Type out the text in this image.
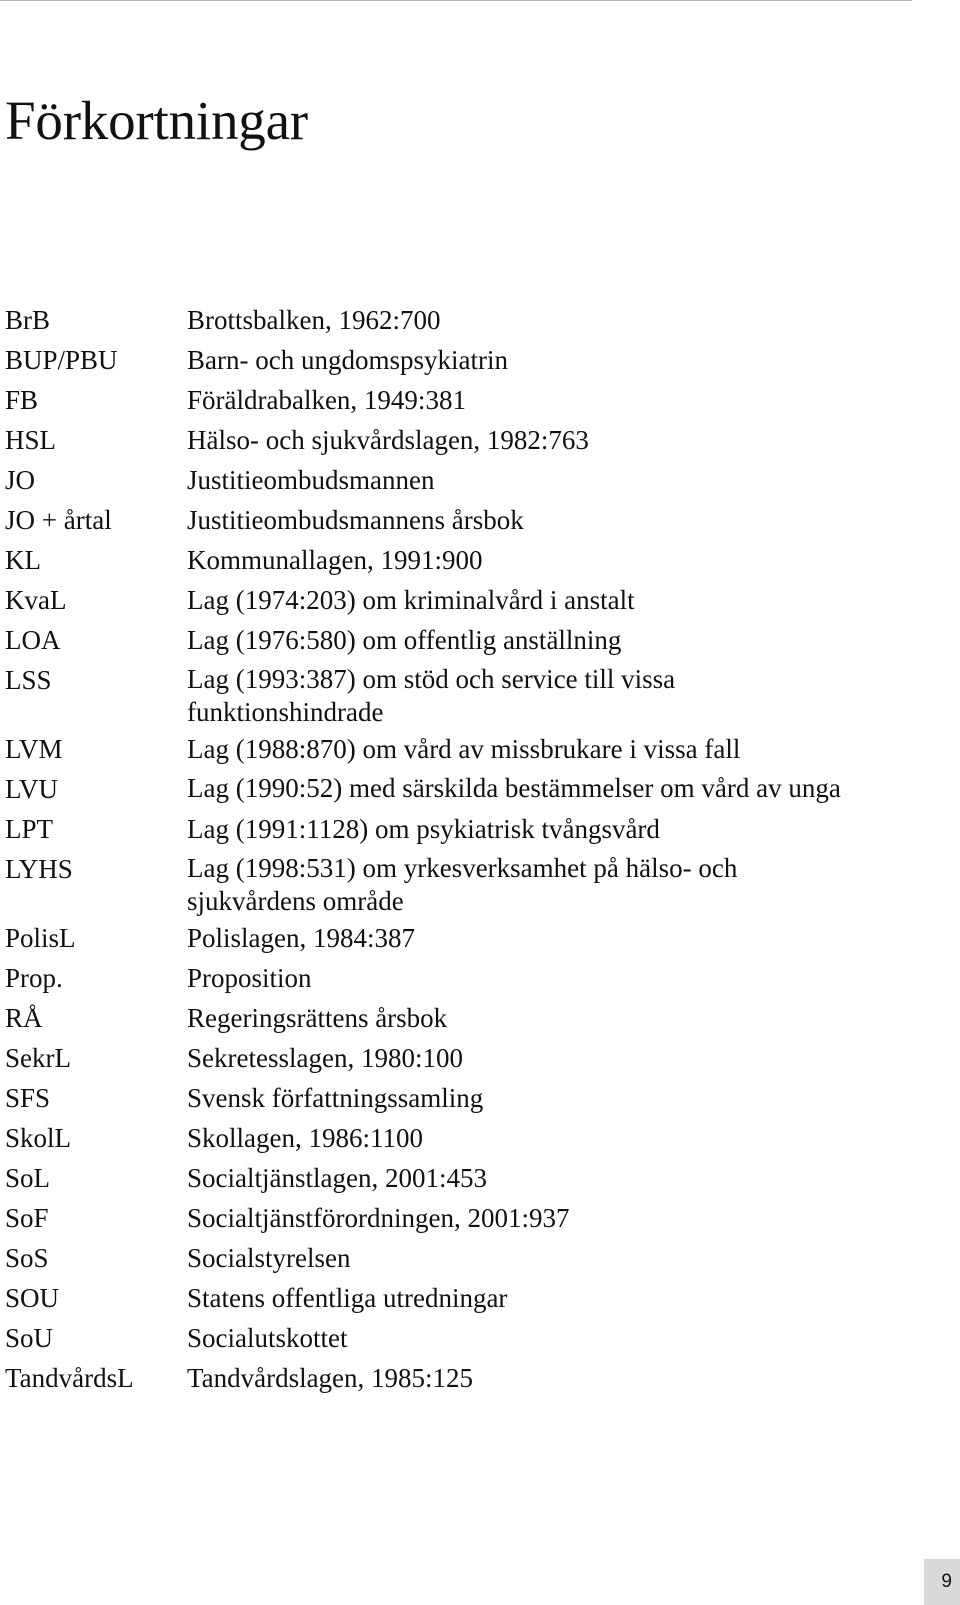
Förkortningar
BrB	Brottsbalken, 1962:700
BUP/PBU	Barn- och ungdomspsykiatrin
FB	Föräldrabalken, 1949:381
HSL	Hälso- och sjukvårdslagen, 1982:763
JO	Justitieombudsmannen
JO + årtal	Justitieombudsmannens årsbok
KL	Kommunallagen, 1991:900
KvaL	Lag (1974:203) om kriminalvård i anstalt
LOA	Lag (1976:580) om offentlig anställning
LSS	Lag (1993:387) om stöd och service till vissa funktionshindrade
LVM	Lag (1988:870) om vård av missbrukare i vissa fall
LVU	Lag (1990:52) med särskilda bestämmelser om vård av unga
LPT	Lag (1991:1128) om psykiatrisk tvångsvård
LYHS	Lag (1998:531) om yrkesverksamhet på hälso- och sjukvårdens område
PolisL	Polislagen, 1984:387
Prop.	Proposition
RÅ	Regeringsrättens årsbok
SekrL	Sekretesslagen, 1980:100
SFS	Svensk författningssamling
SkolL	Skollagen, 1986:1100
SoL	Socialtjänstlagen, 2001:453
SoF	Socialtjänstförordningen, 2001:937
SoS	Socialstyrelsen
SOU	Statens offentliga utredningar
SoU	Socialutskottet
TandvårdsL	Tandvårdslagen, 1985:125
9
